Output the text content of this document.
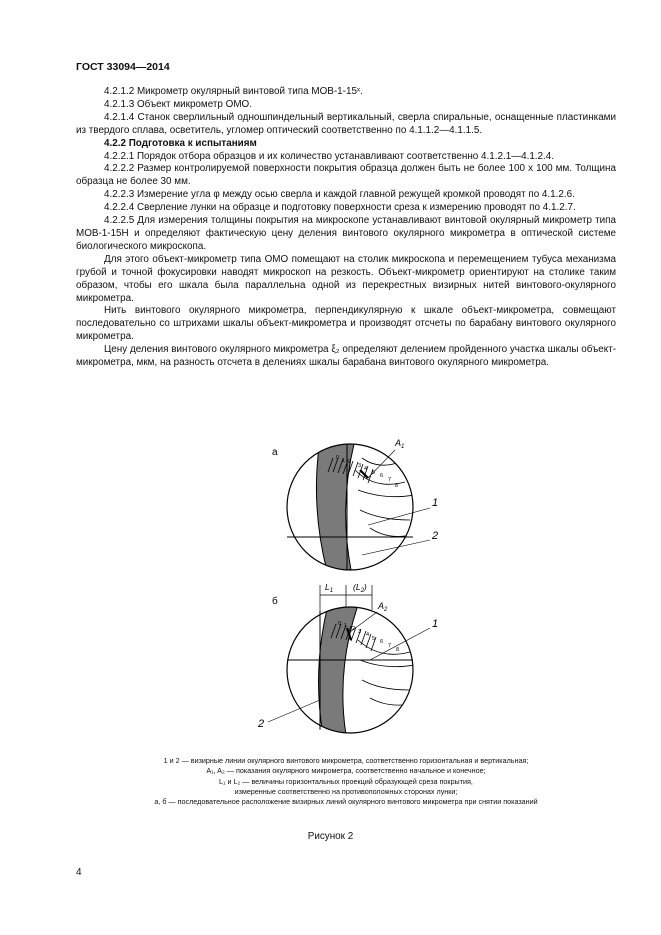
ГОСТ 33094—2014

4.2.1.2 Микрометр окулярный винтовой типа МОВ-1-15ˣ.

4.2.1.3 Объект микрометр ОМО.

4.2.1.4 Станок сверлильный одношпиндельный вертикальный, сверла спиральные, оснащенные пластинками из твердого сплава, осветитель, угломер оптический соответственно по 4.1.1.2—4.1.1.5.

4.2.2 Подготовка к испытаниям

4.2.2.1 Порядок отбора образцов и их количество устанавливают соответственно 4.1.2.1—4.1.2.4.

4.2.2.2 Размер контролируемой поверхности покрытия образца должен быть не более 100 х 100 мм. Толщина образца не более 30 мм.

4.2.2.3 Измерение угла φ между осью сверла и каждой главной режущей кромкой проводят по 4.1.2.6.

4.2.2.4 Сверление лунки на образце и подготовку поверхности среза к измерению проводят по 4.1.2.7.

4.2.2.5 Для измерения толщины покрытия на микроскопе устанавливают винтовой окулярный микрометр типа МОВ-1-15Н и определяют фактическую цену деления винтового окулярного микрометра в оптической системе биологического микроскопа.

Для этого объект-микрометр типа ОМО помещают на столик микроскопа и перемещением тубуса механизма грубой и точной фокусировки наводят микроскоп на резкость. Объект-микрометр ориентируют на столике таким образом, чтобы его шкала была параллельна одной из перекрестных визирных нитей винтового-окулярного микрометра.

Нить винтового окулярного микрометра, перпендикулярную к шкале объект-микрометра, совмещают последовательно со штрихами шкалы объект-микрометра и производят отсчеты по барабану винтового окулярного микрометра.

Цену деления винтового окулярного микрометра ξ₂ определяют делением пройденного участка шкалы объект-микрометра, мкм, на разность отсчета в делениях шкалы барабана винтового окулярного микрометра.

а
$A_1$
0 1 2
3 4
5 6
7
8
1
2
$L_1$ $(L_2)$
б	$A_2$
0 1 2 3 4
5 6
7
8
1
2

1 и 2 — визирные линии окулярного винтового микрометра, соответственно горизонтальная и вертикальная;

A₁, A₂ — показания окулярного микрометра, соответственно начальное и конечное;

L₁ и L₂ — величины горизонтальных проекций образующей среза покрытия,

измеренные соответственно на противоположных сторонах лунки;

а, б — последовательное расположение визирных линий окулярного винтового микрометра при снятии показаний

Рисунок 2
4
